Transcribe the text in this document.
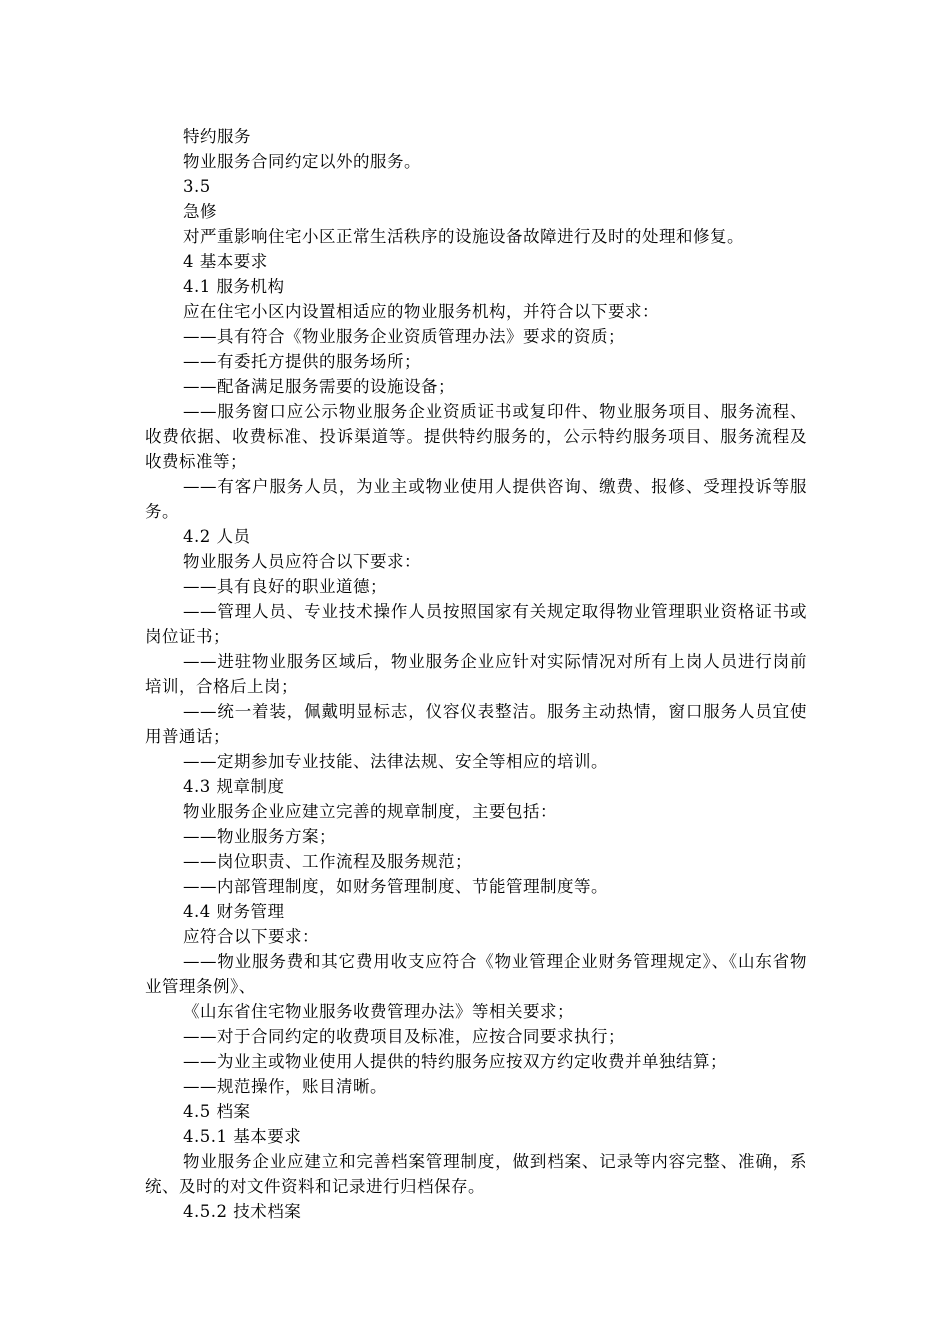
特约服务

物业服务合同约定以外的服务。

3.5

急修

对严重影响住宅小区正常生活秩序的设施设备故障进行及时的处理和修复。

4 基本要求

4.1 服务机构

应在住宅小区内设置相适应的物业服务机构，并符合以下要求：

——具有符合《物业服务企业资质管理办法》要求的资质；

——有委托方提供的服务场所；

——配备满足服务需要的设施设备；

——服务窗口应公示物业服务企业资质证书或复印件、物业服务项目、服务流程、收费依据、收费标准、投诉渠道等。提供特约服务的，公示特约服务项目、服务流程及收费标准等；

——有客户服务人员，为业主或物业使用人提供咨询、缴费、报修、受理投诉等服务。

4.2 人员

物业服务人员应符合以下要求：

——具有良好的职业道德；

——管理人员、专业技术操作人员按照国家有关规定取得物业管理职业资格证书或岗位证书；

——进驻物业服务区域后，物业服务企业应针对实际情况对所有上岗人员进行岗前培训，合格后上岗；

——统一着装，佩戴明显标志，仪容仪表整洁。服务主动热情，窗口服务人员宜使用普通话；

——定期参加专业技能、法律法规、安全等相应的培训。

4.3 规章制度

物业服务企业应建立完善的规章制度，主要包括：

——物业服务方案；

——岗位职责、工作流程及服务规范；

——内部管理制度，如财务管理制度、节能管理制度等。

4.4 财务管理

应符合以下要求：

——物业服务费和其它费用收支应符合《物业管理企业财务管理规定》、《山东省物业管理条例》、

《山东省住宅物业服务收费管理办法》等相关要求；

——对于合同约定的收费项目及标准，应按合同要求执行；

——为业主或物业使用人提供的特约服务应按双方约定收费并单独结算；

——规范操作，账目清晰。

4.5 档案

4.5.1 基本要求

物业服务企业应建立和完善档案管理制度，做到档案、记录等内容完整、准确，系统、及时的对文件资料和记录进行归档保存。

4.5.2 技术档案
